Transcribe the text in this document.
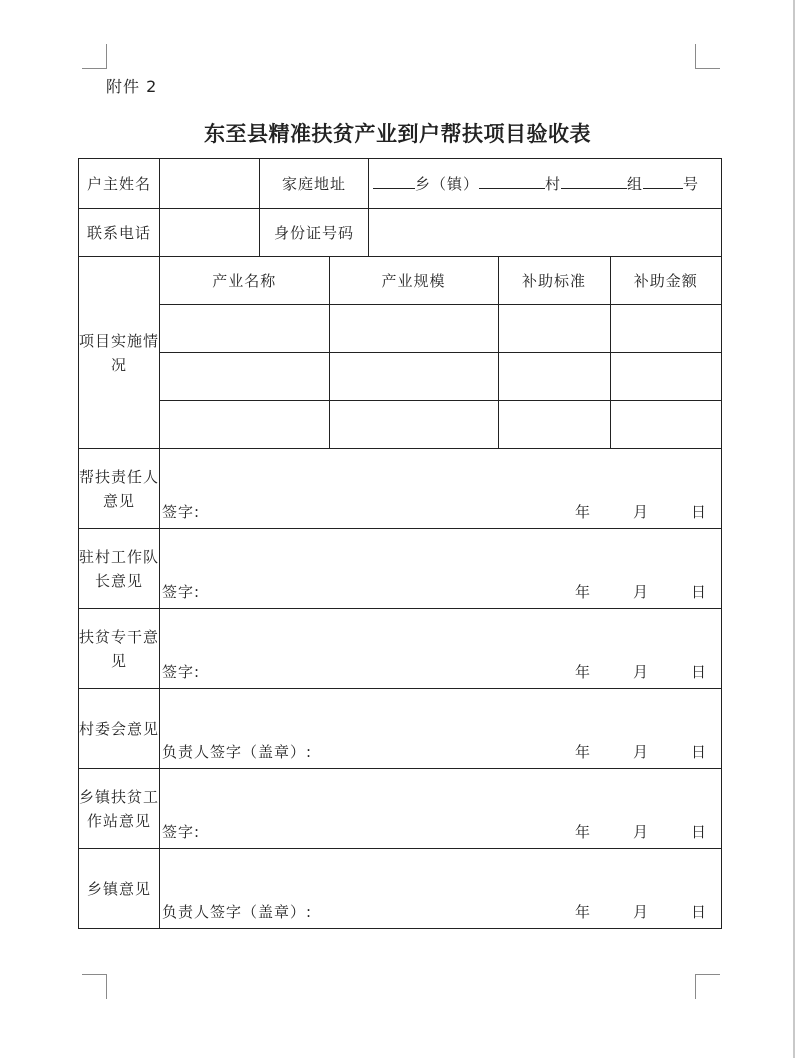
附件 2
东至县精准扶贫产业到户帮扶项目验收表
户主姓名		家庭地址	乡（镇）	村	组	号
联系电话		身份证号码	
项目实施情况	
产业名称	产业规模	补助标准	补助金额

帮扶责任人意见	
签字:	年	月	日

驻村工作队长意见	
签字:	年	月	日

扶贫专干意见	
签字:	年	月	日

村委会意见	
负责人签字（盖章）:	年	月	日

乡镇扶贫工作站意见	
签字:	年	月	日

乡镇意见	
负责人签字（盖章）:	年	月	日
